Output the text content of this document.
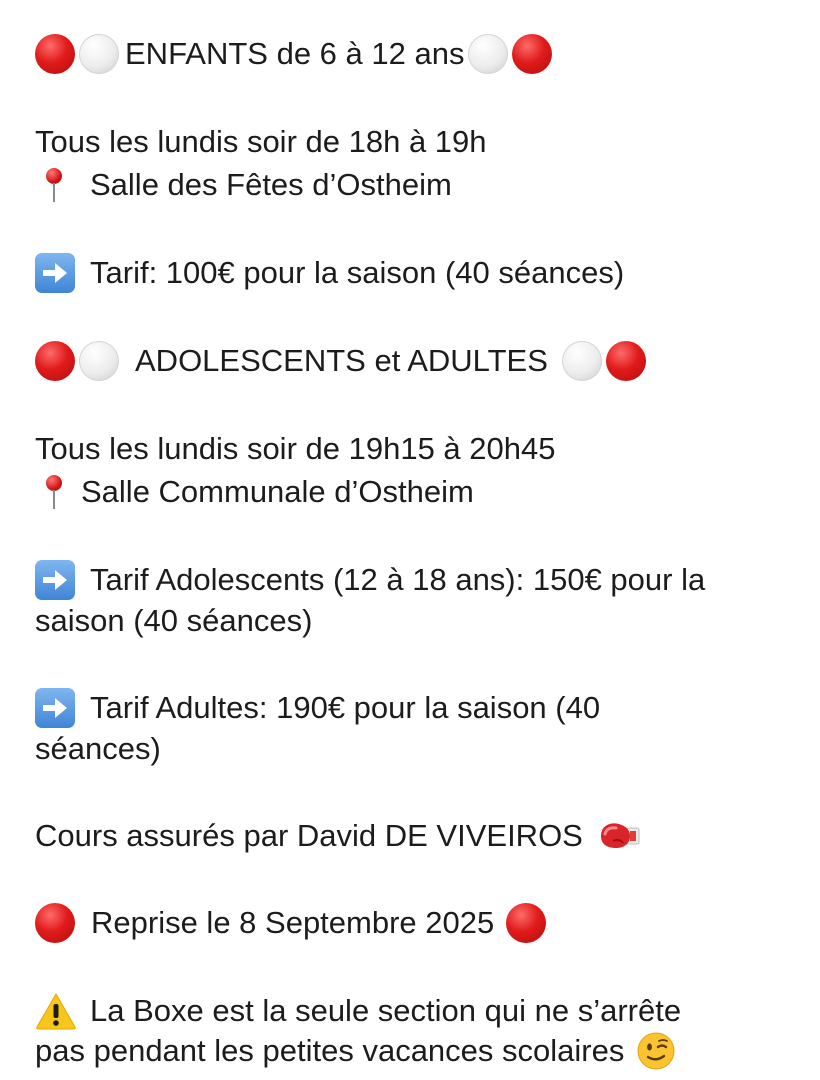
ENFANTS de 6 à 12 ans
Tous les lundis soir de 18h à 19h
Salle des Fêtes d’Ostheim
Tarif: 100€ pour la saison (40 séances)
ADOLESCENTS et ADULTES
Tous les lundis soir de 19h15 à 20h45
Salle Communale d’Ostheim
Tarif Adolescents (12 à 18 ans): 150€ pour la
saison (40 séances)
Tarif Adultes: 190€ pour la saison (40
séances)
Cours assurés par David DE VIVEIROS
Reprise le 8 Septembre 2025
La Boxe est la seule section qui ne s’arrête
pas pendant les petites vacances scolaires
